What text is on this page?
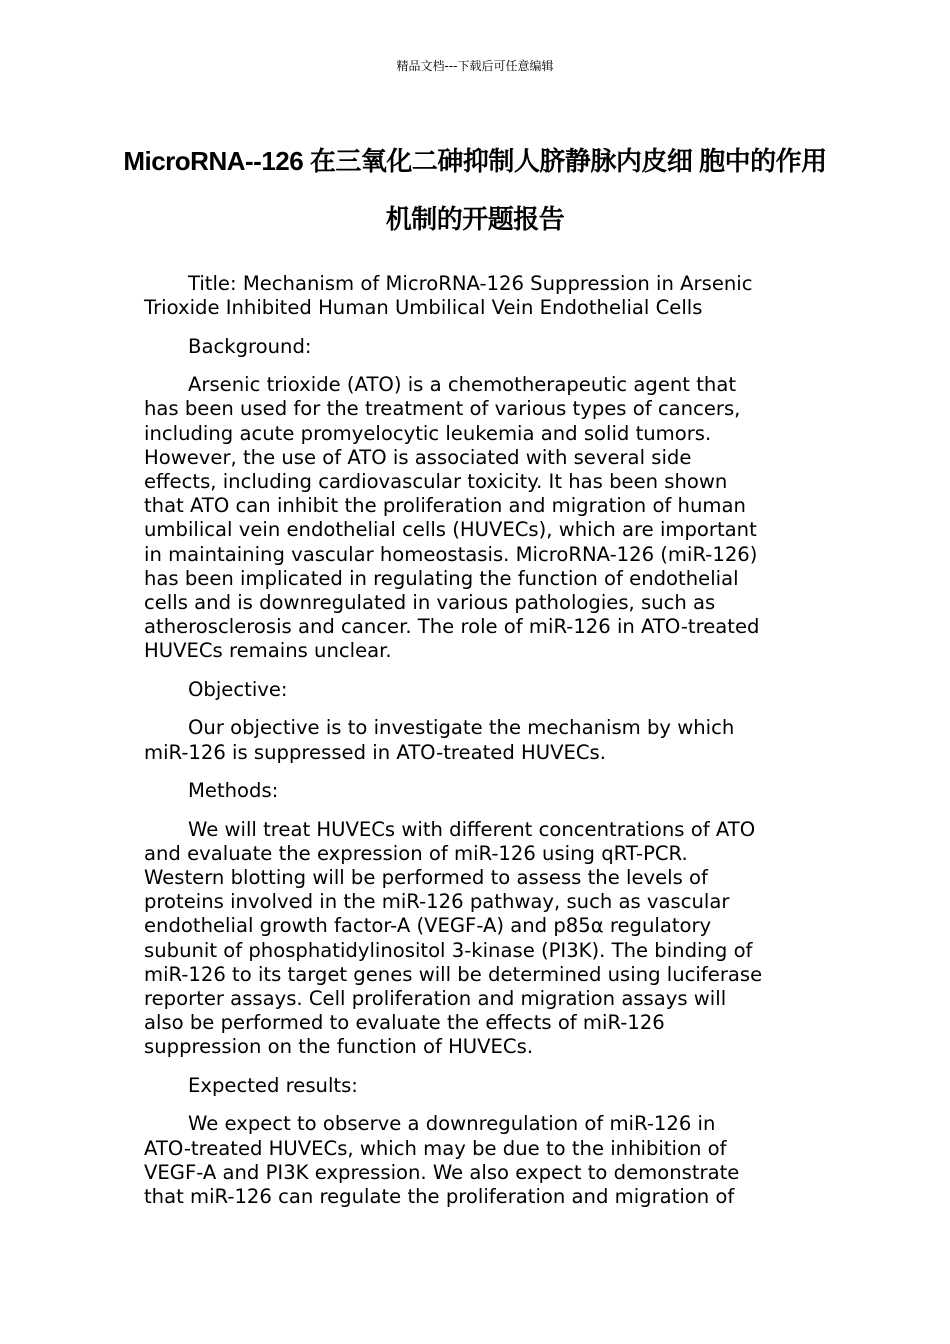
精品文档---下载后可任意编辑
MicroRNA--126 在三氧化二砷抑制人脐静脉内皮细 胞中的作用机制的开题报告

Title: Mechanism of MicroRNA-126 Suppression in Arsenic
Trioxide Inhibited Human Umbilical Vein Endothelial Cells

Background:

Arsenic trioxide (ATO) is a chemotherapeutic agent that
has been used for the treatment of various types of cancers,
including acute promyelocytic leukemia and solid tumors.
However, the use of ATO is associated with several side
effects, including cardiovascular toxicity. It has been shown
that ATO can inhibit the proliferation and migration of human
umbilical vein endothelial cells (HUVECs), which are important
in maintaining vascular homeostasis. MicroRNA-126 (miR-126)
has been implicated in regulating the function of endothelial
cells and is downregulated in various pathologies, such as
atherosclerosis and cancer. The role of miR-126 in ATO-treated
HUVECs remains unclear.

Objective:

Our objective is to investigate the mechanism by which
miR-126 is suppressed in ATO-treated HUVECs.

Methods:

We will treat HUVECs with different concentrations of ATO
and evaluate the expression of miR-126 using qRT-PCR.
Western blotting will be performed to assess the levels of
proteins involved in the miR-126 pathway, such as vascular
endothelial growth factor-A (VEGF-A) and p85α regulatory
subunit of phosphatidylinositol 3-kinase (PI3K). The binding of
miR-126 to its target genes will be determined using luciferase
reporter assays. Cell proliferation and migration assays will
also be performed to evaluate the effects of miR-126
suppression on the function of HUVECs.

Expected results:

We expect to observe a downregulation of miR-126 in
ATO-treated HUVECs, which may be due to the inhibition of
VEGF-A and PI3K expression. We also expect to demonstrate
that miR-126 can regulate the proliferation and migration of
